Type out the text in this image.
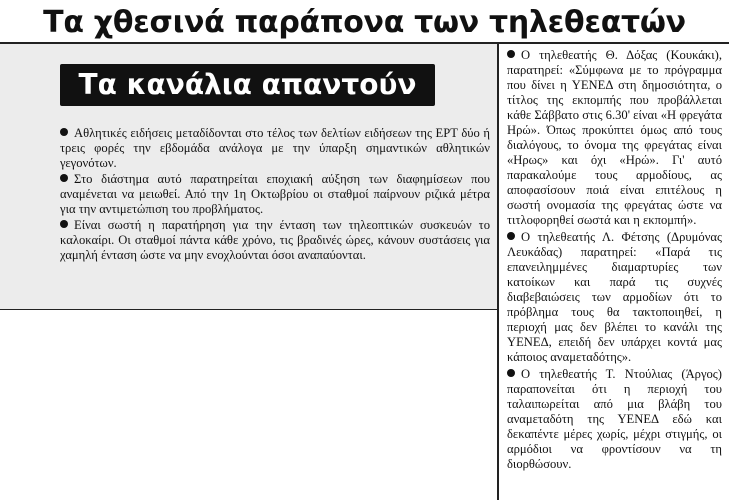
Τα χθεσινά παράπονα των τηλεθεατών
Τα κανάλια απαντούν

Αθλητικές ειδήσεις μεταδίδονται στο τέλος των δελτίων ειδήσεων της ΕΡΤ δύο ή τρεις φορές την εβδομάδα ανάλογα με την ύπαρξη σημαντικών αθλητικών γεγονότων.

Στο διάστημα αυτό παρατηρείται εποχιακή αύξηση των διαφημίσεων που αναμένεται να μειωθεί. Από την 1η Οκτωβρίου οι σταθμοί παίρνουν ριζικά μέτρα για την αντιμετώπιση του προβλήματος.

Είναι σωστή η παρατήρηση για την ένταση των τηλεοπτικών συσκευών το καλοκαίρι. Οι σταθμοί πάντα κάθε χρόνο, τις βραδινές ώρες, κάνουν συστάσεις για χαμηλή ένταση ώστε να μην ενοχλούνται όσοι αναπαύονται.

Ο τηλεθεατής Θ. Δόξας (Κουκάκι), παρατηρεί: «Σύμφωνα με το πρόγραμμα που δίνει η ΥΕΝΕΔ στη δημοσιότητα, ο τίτλος της εκπομπής που προβάλλεται κάθε Σάββατο στις 6.30' είναι «Η φρεγάτα Ηρώ». Όπως προκύπτει όμως από τους διαλόγους, το όνομα της φρεγάτας είναι «Ηρως» και όχι «Ηρώ». Γι' αυτό παρακαλούμε τους αρμοδίους, ας αποφασίσουν ποιά είναι επιτέλους η σωστή ονομασία της φρεγάτας ώστε να τιτλοφορηθεί σωστά και η εκπομπή».

Ο τηλεθεατής Λ. Φέτσης (Δρυμόνας Λευκάδας) παρατηρεί: «Παρά τις επανειλημμένες διαμαρτυρίες των κατοίκων και παρά τις συχνές διαβεβαιώσεις των αρμοδίων ότι το πρόβλημα τους θα τακτοποιηθεί, η περιοχή μας δεν βλέπει το κανάλι της ΥΕΝΕΔ, επειδή δεν υπάρχει κοντά μας κάποιος αναμεταδότης».

Ο τηλεθεατής Τ. Ντούλιας (Άργος) παραπονείται ότι η περιοχή του ταλαιπωρείται από μια βλάβη του αναμεταδότη της ΥΕΝΕΔ εδώ και δεκαπέντε μέρες χωρίς, μέχρι στιγμής, οι αρμόδιοι να φροντίσουν να τη διορθώσουν.
